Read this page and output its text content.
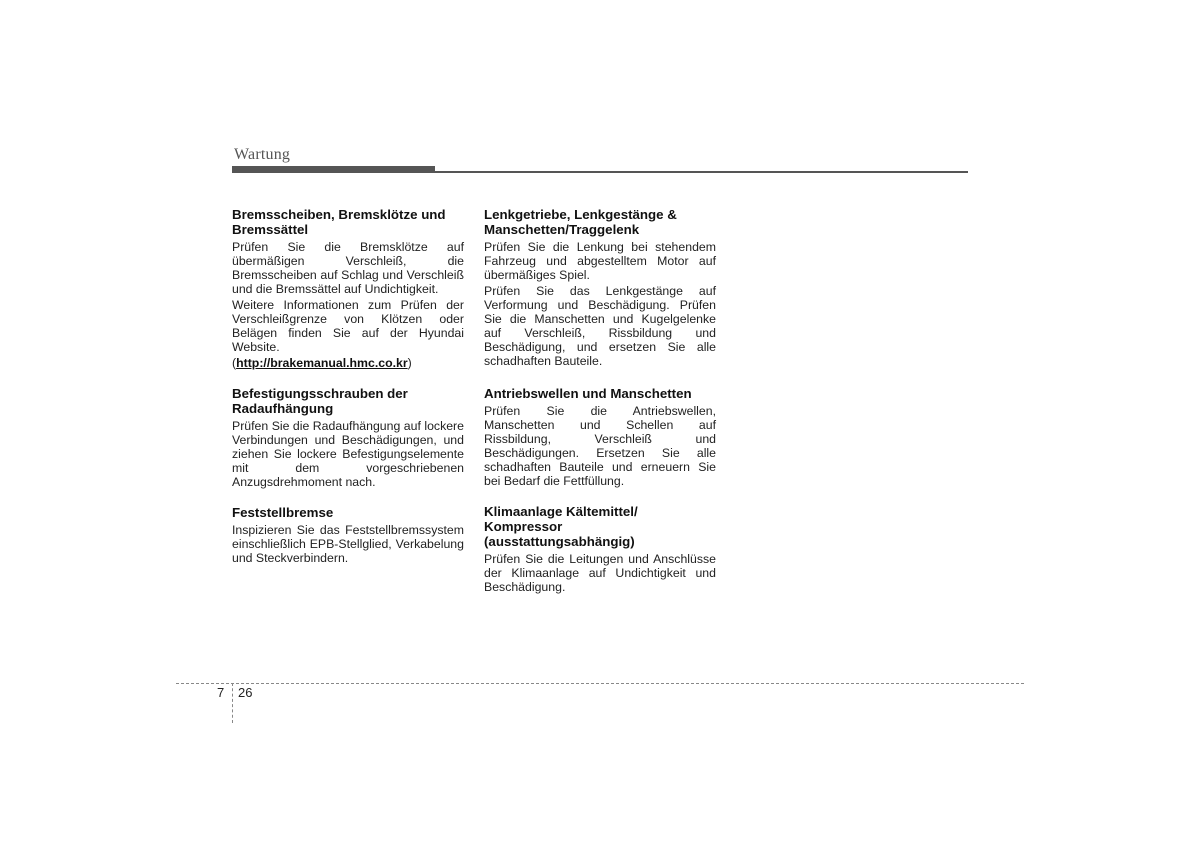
Wartung
Bremsscheiben, Bremsklötze und Bremssättel

Prüfen Sie die Bremsklötze auf übermäßigen Verschleiß, die Bremsscheiben auf Schlag und Verschleiß und die Bremssättel auf Undichtigkeit.

Weitere Informationen zum Prüfen der Verschleißgrenze von Klötzen oder Belägen finden Sie auf der Hyundai Website.

(http://brakemanual.hmc.co.kr)

Befestigungsschrauben der Radaufhängung

Prüfen Sie die Radaufhängung auf lockere Verbindungen und Beschädigungen, und ziehen Sie lockere Befestigungselemente mit dem vorgeschriebenen Anzugsdrehmoment nach.

Feststellbremse

Inspizieren Sie das Feststellbremssystem einschließlich EPB-Stellglied, Verkabelung und Steckverbindern.

Lenkgetriebe, Lenkgestänge & Manschetten/Traggelenk

Prüfen Sie die Lenkung bei stehendem Fahrzeug und abgestelltem Motor auf übermäßiges Spiel.

Prüfen Sie das Lenkgestänge auf Verformung und Beschädigung. Prüfen Sie die Manschetten und Kugelgelenke auf Verschleiß, Rissbildung und Beschädigung, und ersetzen Sie alle schadhaften Bauteile.

Antriebswellen und Manschetten

Prüfen Sie die Antriebswellen, Manschetten und Schellen auf Rissbildung, Verschleiß und Beschädigungen. Ersetzen Sie alle schadhaften Bauteile und erneuern Sie bei Bedarf die Fettfüllung.

Klimaanlage Kältemittel/ Kompressor (ausstattungsabhängig)

Prüfen Sie die Leitungen und Anschlüsse der Klimaanlage auf Undichtigkeit und Beschädigung.

7 26
